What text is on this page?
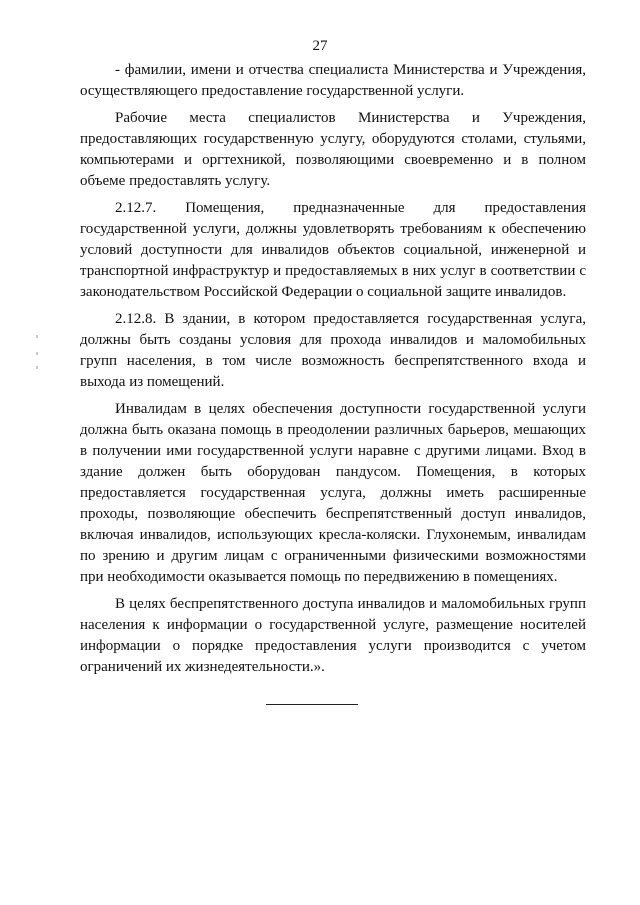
27

- фамилии, имени и отчества специалиста Министерства и Учреждения, осуществляющего предоставление государственной услуги.

Рабочие места специалистов Министерства и Учреждения, предоставляющих государственную услугу, оборудуются столами, стульями, компьютерами и оргтехникой, позволяющими своевременно и в полном объеме предоставлять услугу.

2.12.7. Помещения, предназначенные для предоставления государственной услуги, должны удовлетворять требованиям к обеспечению условий доступности для инвалидов объектов социальной, инженерной и транспортной инфраструктур и предоставляемых в них услуг в соответствии с законодательством Российской Федерации о социальной защите инвалидов.

2.12.8. В здании, в котором предоставляется государственная услуга, должны быть созданы условия для прохода инвалидов и маломобильных групп населения, в том числе возможность беспрепятственного входа и выхода из помещений.

Инвалидам в целях обеспечения доступности государственной услуги должна быть оказана помощь в преодолении различных барьеров, мешающих в получении ими государственной услуги наравне с другими лицами. Вход в здание должен быть оборудован пандусом. Помещения, в которых предоставляется государственная услуга, должны иметь расширенные проходы, позволяющие обеспечить беспрепятственный доступ инвалидов, включая инвалидов, использующих кресла-коляски. Глухонемым, инвалидам по зрению и другим лицам с ограниченными физическими возможностями при необходимости оказывается помощь по передвижению в помещениях.

В целях беспрепятственного доступа инвалидов и маломобильных групп населения к информации о государственной услуге, размещение носителей информации о порядке предоставления услуги производится с учетом ограничений их жизнедеятельности.».
